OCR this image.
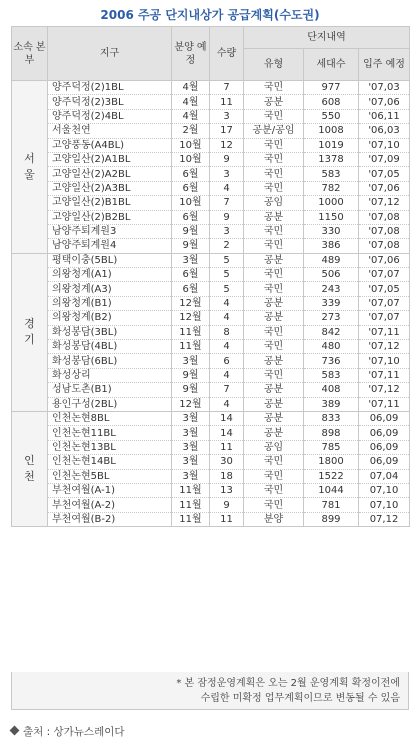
2006 주공 단지내상가 공급계획(수도권)
소속 본부	지구	분양 예정	수량	단지내역		
				유형	세대수	입주 예정

서
울	양주덕정(2)1BL	4월	7	국민	977	'07,03
	양주덕정(2)3BL	4월	11	공분	608	'07,06
	양주덕정(2)4BL	4월	3	국민	550	'06,11
	서울천연	2월	17	공분/공임	1008	'06,03
	고양풍동(A4BL)	10월	12	국민	1019	'07,10
	고양일산(2)A1BL	10월	9	국민	1378	'07,09
	고양일산(2)A2BL	6월	3	국민	583	'07,05
	고양일산(2)A3BL	6월	4	국민	782	'07,06
	고양일산(2)B1BL	10월	7	공임	1000	'07,12
	고양일산(2)B2BL	6월	9	공분	1150	'07,08
	남양주퇴계원3	9월	3	국민	330	'07,08
	남양주퇴계원4	9월	2	국민	386	'07,08

경
기	평택이충(5BL)	3월	5	공분	489	'07,06
	의왕청계(A1)	6월	5	국민	506	'07,07
	의왕청계(A3)	6월	5	국민	243	'07,05
	의왕청계(B1)	12월	4	공분	339	'07,07
	의왕청계(B2)	12월	4	공분	273	'07,07
	화성봉담(3BL)	11월	8	국민	842	'07,11
	화성봉담(4BL)	11월	4	국민	480	'07,12
	화성봉담(6BL)	3월	6	공분	736	'07,10
	화성상리	9월	4	국민	583	'07,11
	성남도촌(B1)	9월	7	공분	408	'07,12
	용인구성(2BL)	12월	4	공분	389	'07,11

인
천	인천논현8BL	3월	14	공분	833	06,09
	인천논현11BL	3월	14	공분	898	06,09
	인천논현13BL	3월	11	공임	785	06,09
	인천논현14BL	3월	30	국민	1800	06,09
	인천논현5BL	3월	18	국민	1522	07,04
	부천여월(A-1)	11월	13	국민	1044	07,10
	부천여월(A-2)	11월	9	국민	781	07,10
	부천여월(B-2)	11월	11	분양	899	07,12
* 본 잠정운영계획은 오는 2월 운영계획 확정이전에
수립한 미확정 업무계획이므로 변동될 수 있음
출처 : 상가뉴스레이다
